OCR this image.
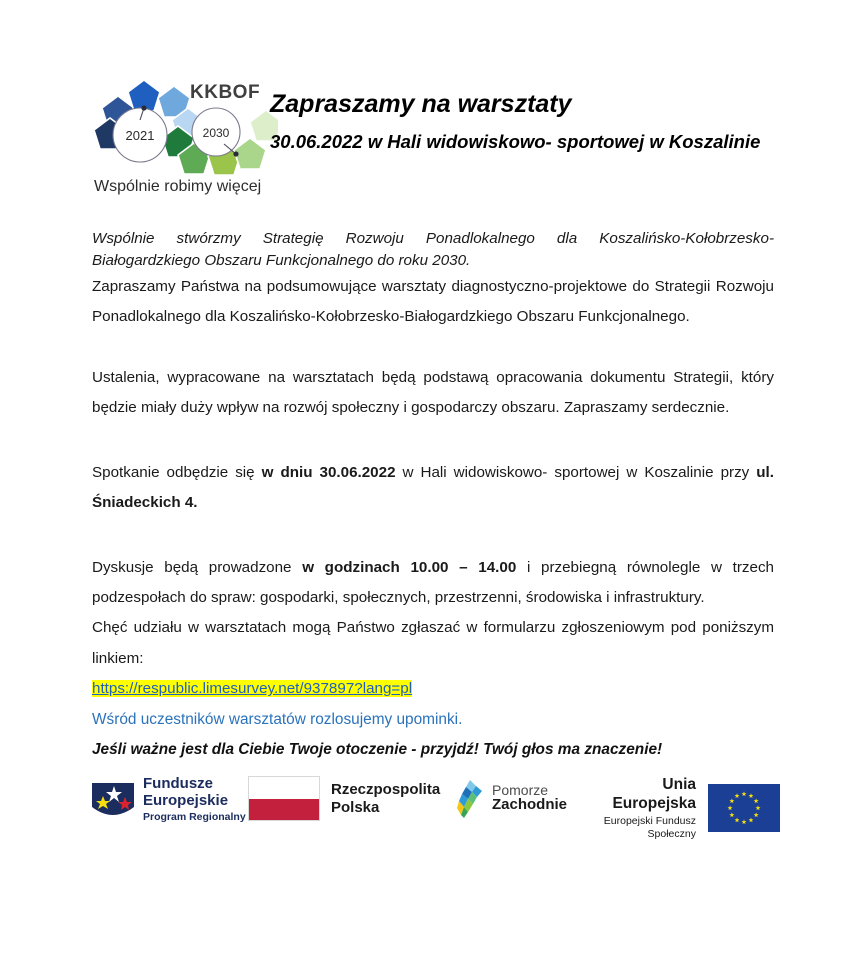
2021	2030
KKBOF
Wspólnie robimy więcej
Zapraszamy na warsztaty
30.06.2022 w Hali widowiskowo- sportowej w Koszalinie

Wspólnie stwórzmy Strategię Rozwoju Ponadlokalnego dla Koszalińsko-Kołobrzesko-Białogardzkiego Obszaru Funkcjonalnego do roku 2030.

Zapraszamy Państwa na podsumowujące warsztaty diagnostyczno-projektowe do Strategii Rozwoju Ponadlokalnego dla Koszalińsko-Kołobrzesko-Białogardzkiego Obszaru Funkcjonalnego.

Ustalenia, wypracowane na warsztatach będą podstawą opracowania dokumentu Strategii, który będzie miały duży wpływ na rozwój społeczny i gospodarczy obszaru. Zapraszamy serdecznie.

Spotkanie odbędzie się w dniu 30.06.2022 w Hali widowiskowo- sportowej w Koszalinie przy ul. Śniadeckich 4.

Dyskusje będą prowadzone w godzinach 10.00 – 14.00 i przebiegną równolegle w trzech podzespołach do spraw: gospodarki, społecznych, przestrzenni, środowiska i infrastruktury.

Chęć udziału w warsztatach mogą Państwo zgłaszać w formularzu zgłoszeniowym pod poniższym linkiem:

https://respublic.limesurvey.net/937897?lang=pl

Wśród uczestników warsztatów rozlosujemy upominki.

Jeśli ważne jest dla Ciebie Twoje otoczenie - przyjdź! Twój głos ma znaczenie!

Fundusze
Europejskie
Program Regionalny
Rzeczpospolita
Polska
Pomorze
Zachodnie
Unia Europejska
Europejski Fundusz Społeczny
